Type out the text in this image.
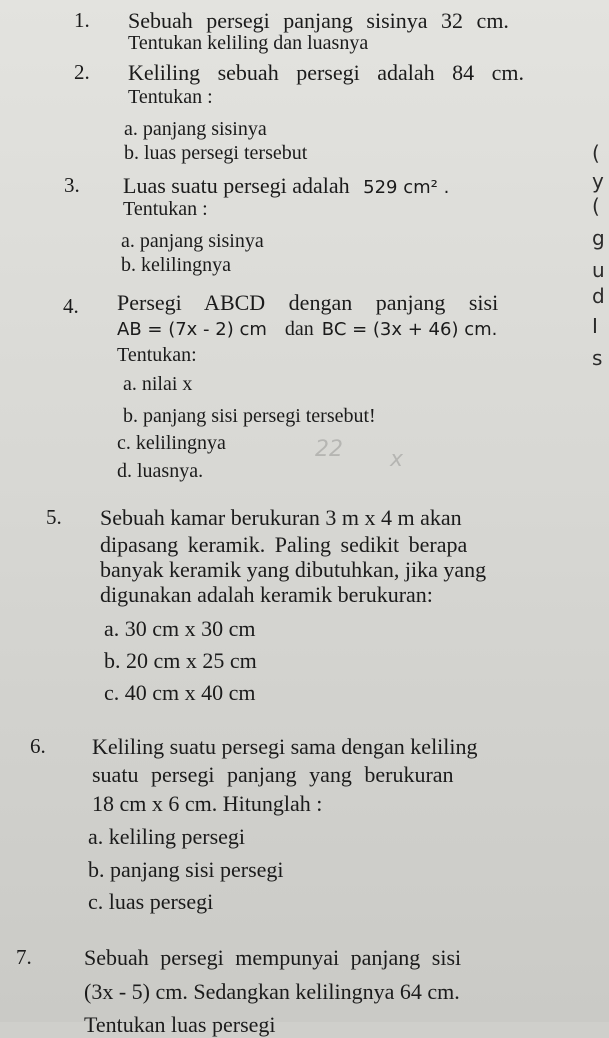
1. Sebuah persegi panjang sisinya 32 cm.
Tentukan keliling dan luasnya
2. Keliling sebuah persegi adalah 84 cm.
Tentukan :
a. panjang sisinya
b. luas persegi tersebut
3. Luas suatu persegi adalah 529 cm² .
Tentukan :
a. panjang sisinya
b. kelilingnya
4. Persegi ABCD dengan panjang sisi
AB = (7x - 2) cm dan BC = (3x + 46) cm.
Tentukan:
a. nilai x
b. panjang sisi persegi tersebut!
c. kelilingnya
d. luasnya.
22 x
5. Sebuah kamar berukuran 3 m x 4 m akan
dipasang keramik. Paling sedikit berapa
banyak keramik yang dibutuhkan, jika yang
digunakan adalah keramik berukuran:
a. 30 cm x 30 cm
b. 20 cm x 25 cm
c. 40 cm x 40 cm
6. Keliling suatu persegi sama dengan keliling
suatu persegi panjang yang berukuran
18 cm x 6 cm. Hitunglah :
a. keliling persegi
b. panjang sisi persegi
c. luas persegi
7. Sebuah persegi mempunyai panjang sisi
(3x - 5) cm. Sedangkan kelilingnya 64 cm.
Tentukan luas persegi
(
y
(
g
u
d
I
s
